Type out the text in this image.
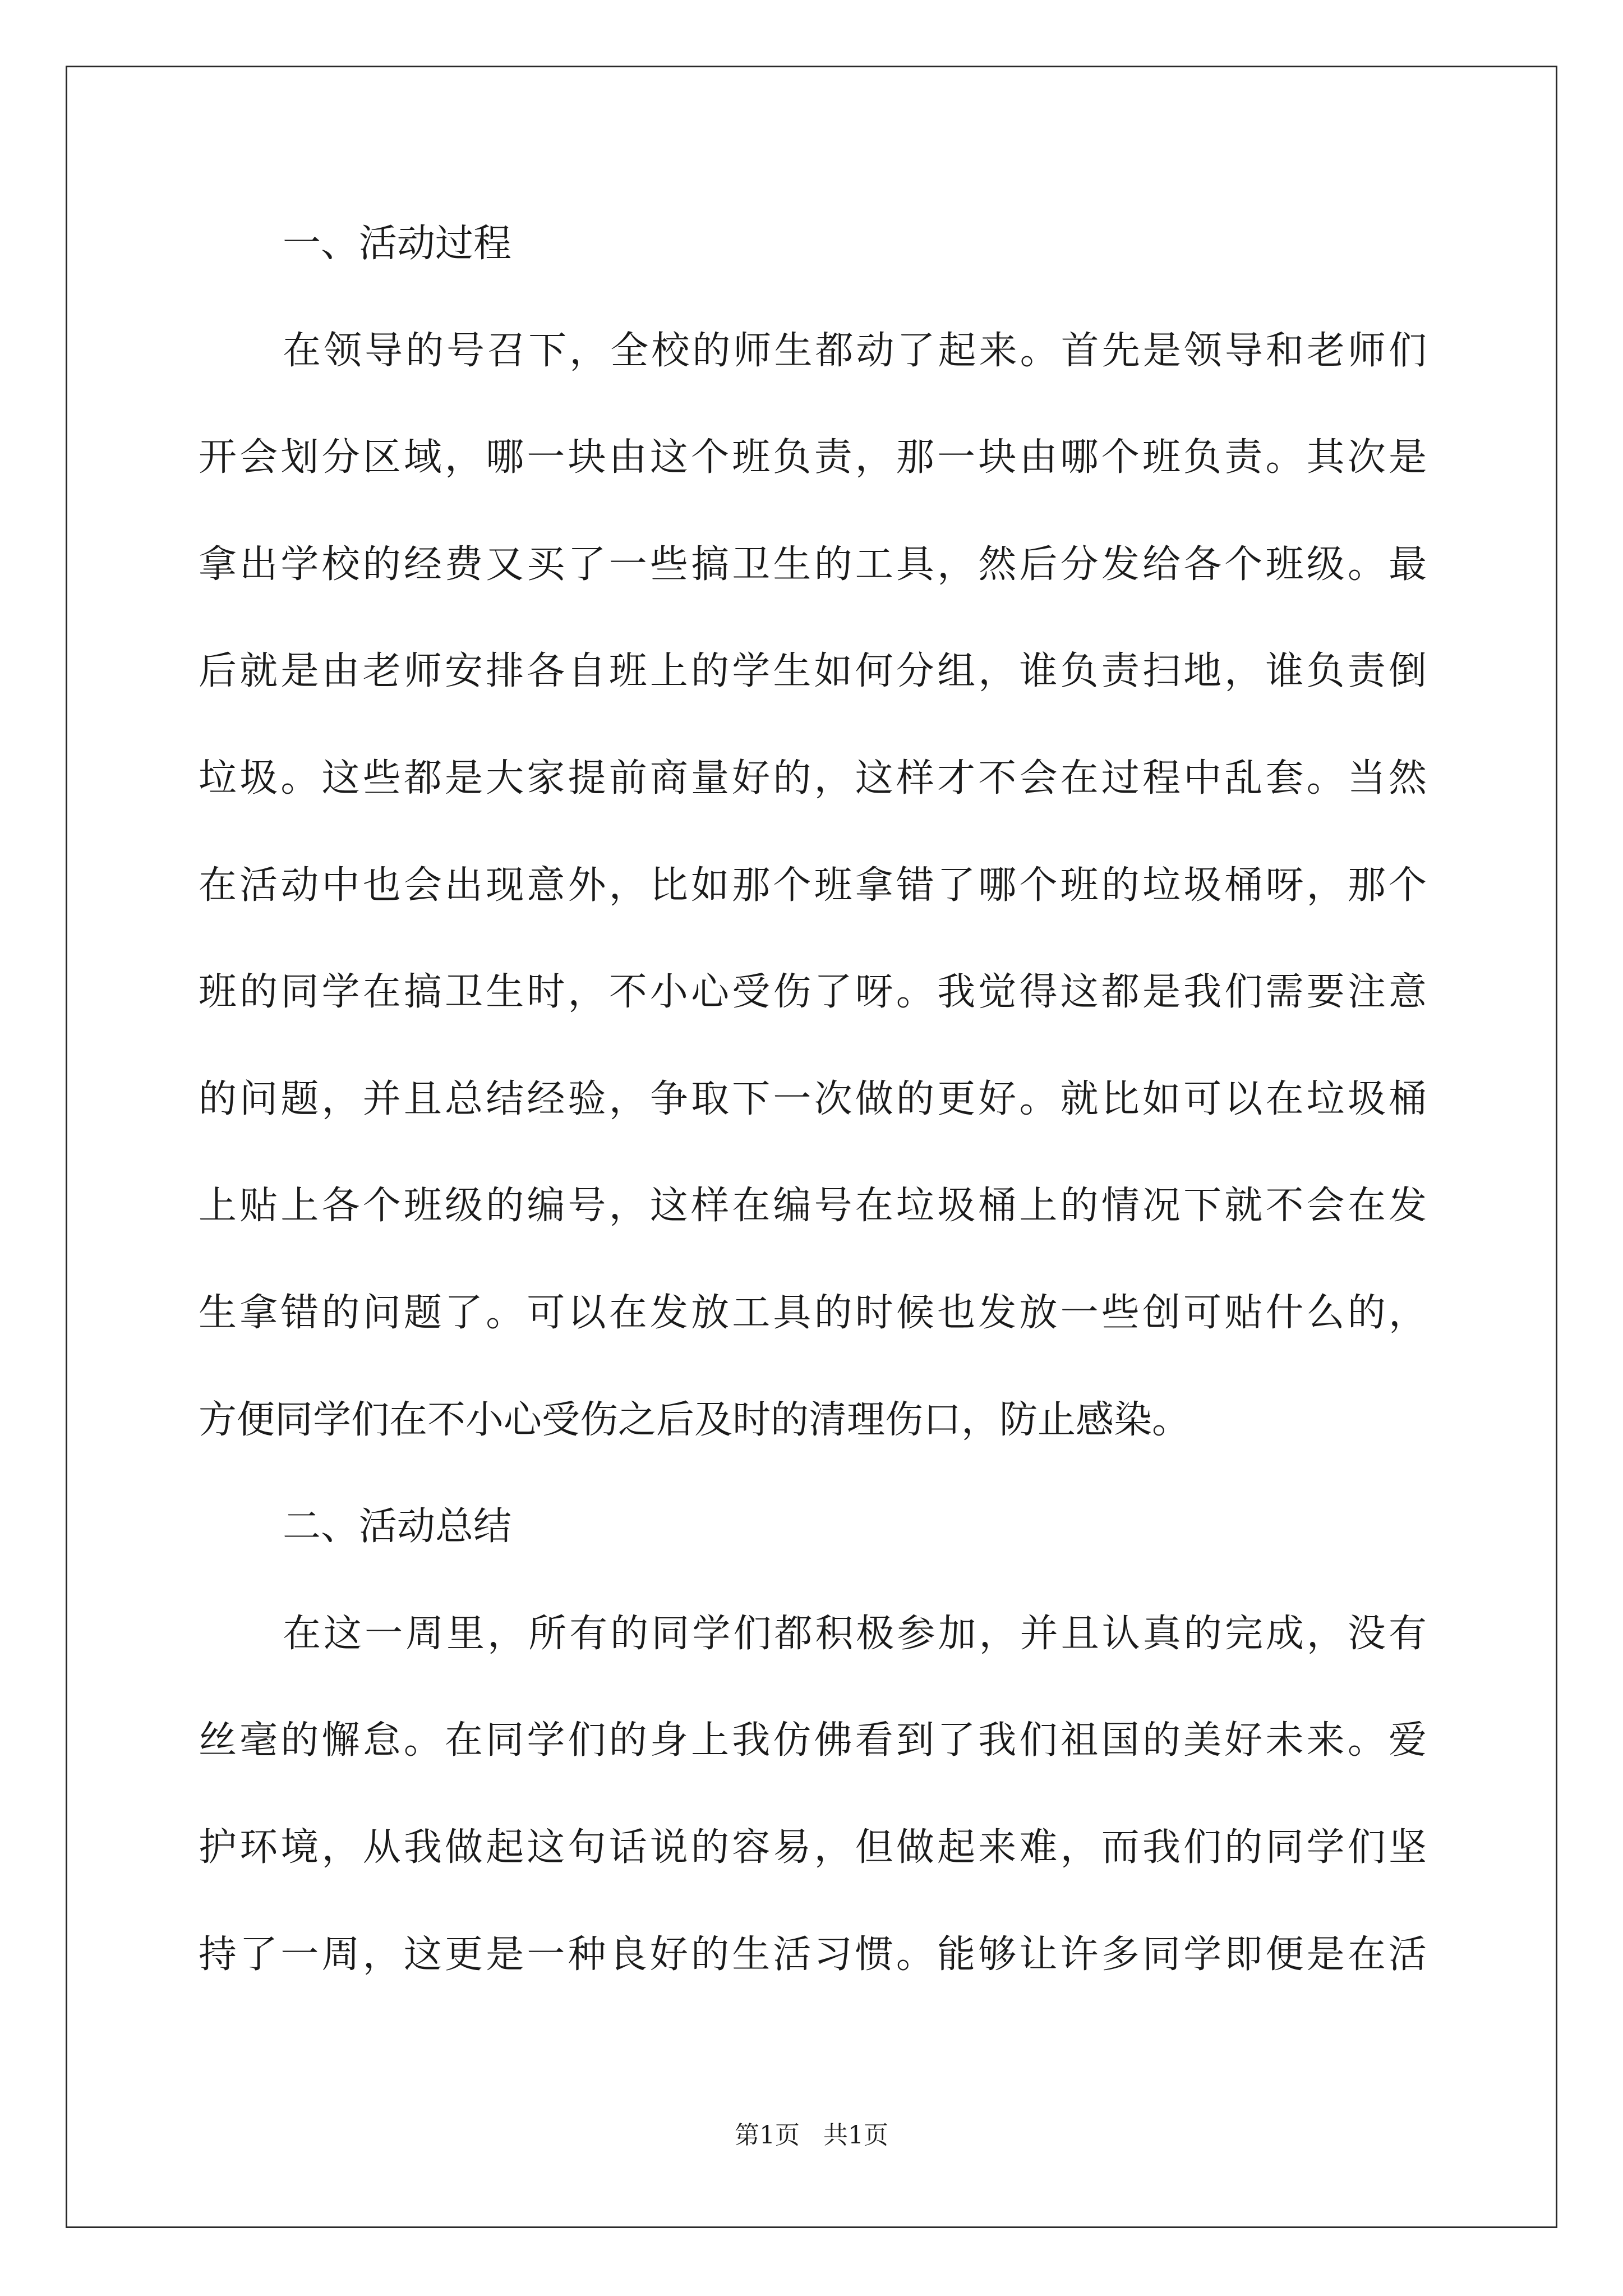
一、活动过程
在领导的号召下，全校的师生都动了起来。首先是领导和老师们
开会划分区域，哪一块由这个班负责，那一块由哪个班负责。其次是
拿出学校的经费又买了一些搞卫生的工具，然后分发给各个班级。最
后就是由老师安排各自班上的学生如何分组，谁负责扫地，谁负责倒
垃圾。这些都是大家提前商量好的，这样才不会在过程中乱套。当然
在活动中也会出现意外，比如那个班拿错了哪个班的垃圾桶呀，那个
班的同学在搞卫生时，不小心受伤了呀。我觉得这都是我们需要注意
的问题，并且总结经验，争取下一次做的更好。就比如可以在垃圾桶
上贴上各个班级的编号，这样在编号在垃圾桶上的情况下就不会在发
生拿错的问题了。可以在发放工具的时候也发放一些创可贴什么的，
方便同学们在不小心受伤之后及时的清理伤口，防止感染。
二、活动总结
在这一周里，所有的同学们都积极参加，并且认真的完成，没有
丝毫的懈怠。在同学们的身上我仿佛看到了我们祖国的美好未来。爱
护环境，从我做起这句话说的容易，但做起来难，而我们的同学们坚
持了一周，这更是一种良好的生活习惯。能够让许多同学即便是在活
第1页   共1页
